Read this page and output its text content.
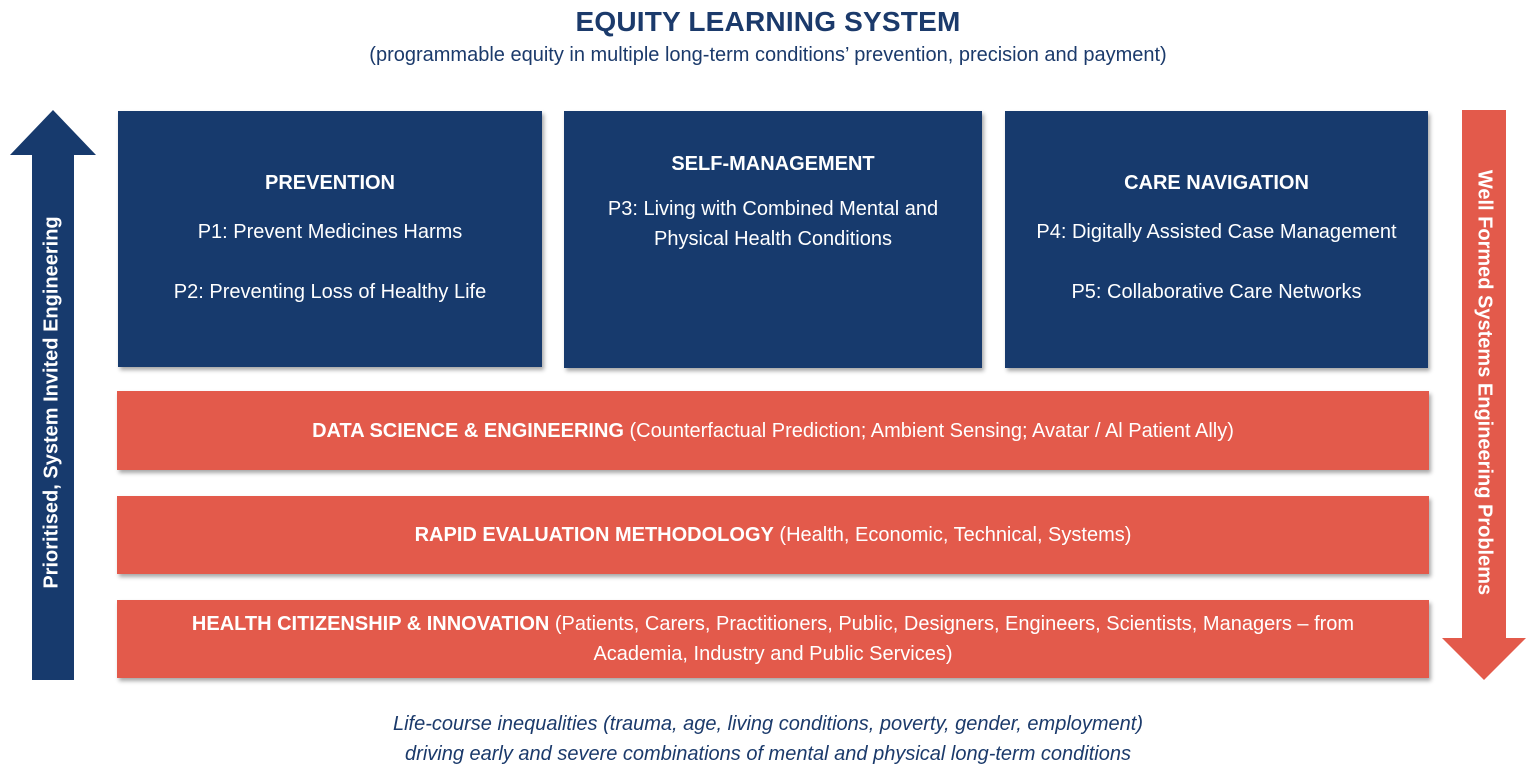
EQUITY LEARNING SYSTEM
(programmable equity in multiple long-term conditions’ prevention, precision and payment)
Prioritised, System Invited Engineering	Well Formed Systems Engineering Problems
PREVENTION
P1: Prevent Medicines Harms
P2: Preventing Loss of Healthy Life
SELF-MANAGEMENT
P3: Living with Combined Mental and Physical Health Conditions
CARE NAVIGATION
P4: Digitally Assisted Case Management
P5: Collaborative Care Networks
DATA SCIENCE & ENGINEERING (Counterfactual Prediction; Ambient Sensing; Avatar / Al Patient Ally)
RAPID EVALUATION METHODOLOGY (Health, Economic, Technical, Systems)
HEALTH CITIZENSHIP & INNOVATION (Patients, Carers, Practitioners, Public, Designers, Engineers, Scientists, Managers – from Academia, Industry and Public Services)
Life-course inequalities (trauma, age, living conditions, poverty, gender, employment)
driving early and severe combinations of mental and physical long-term conditions
